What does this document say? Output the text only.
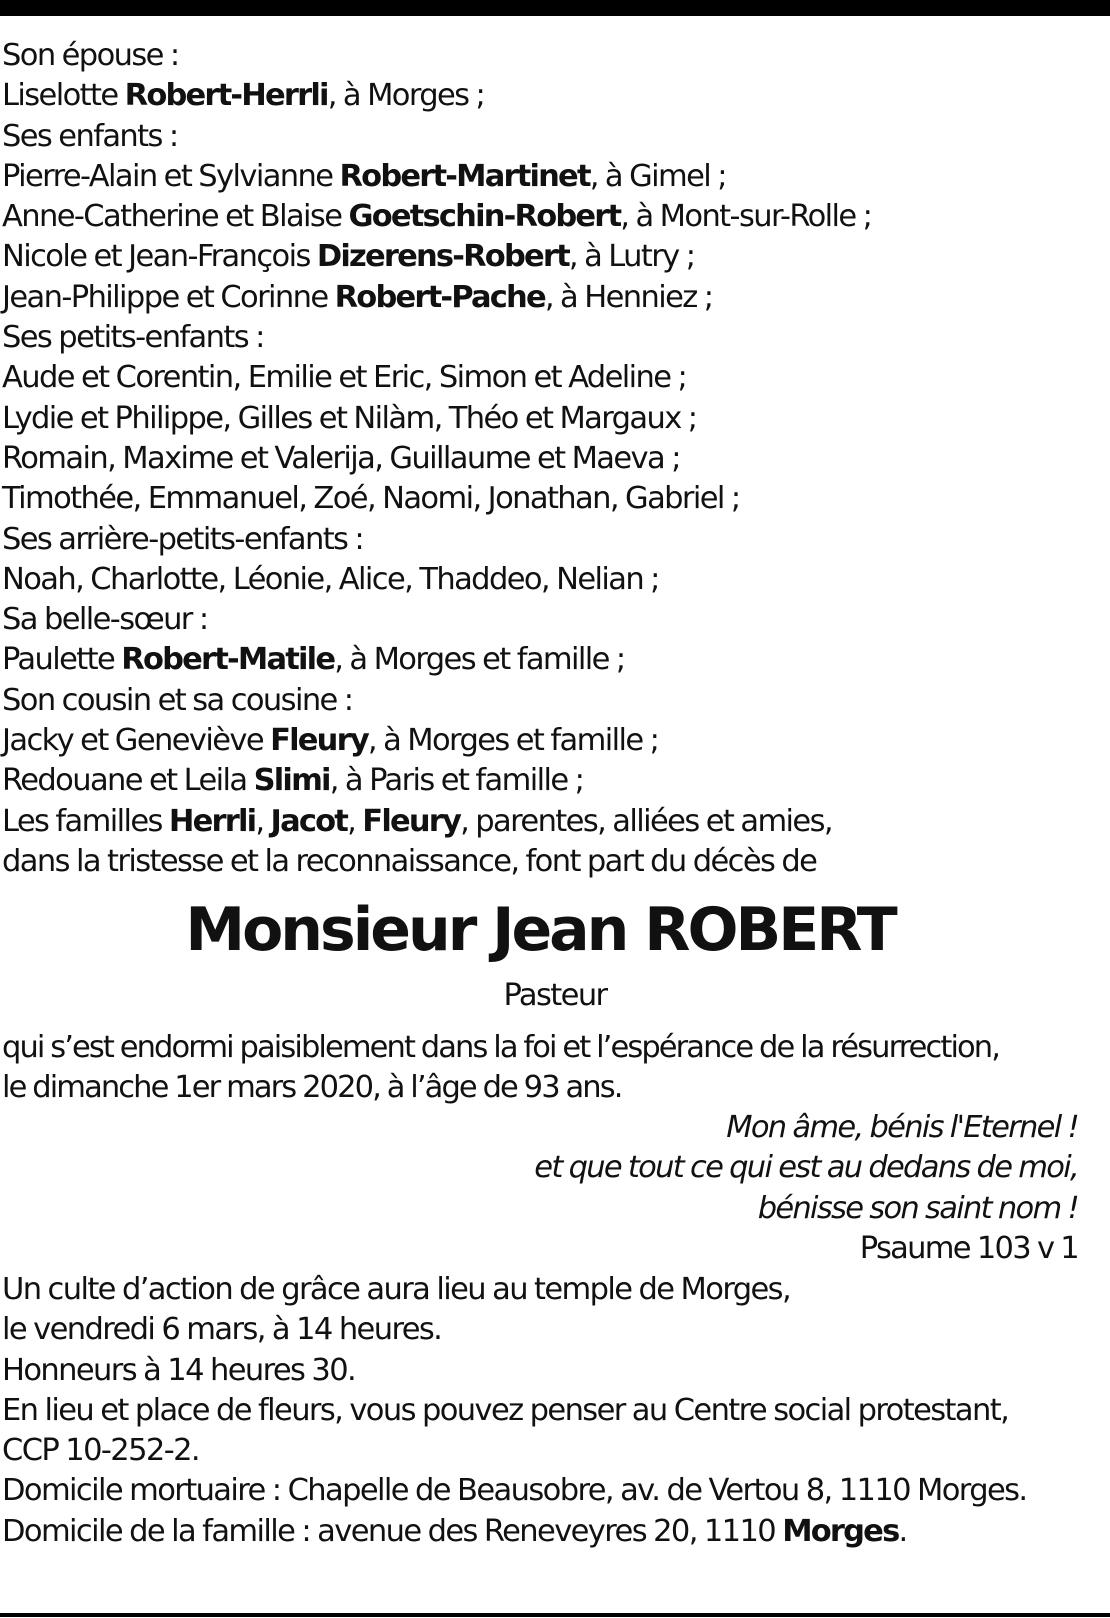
Son épouse :
Liselotte Robert-Herrli, à Morges ;
Ses enfants :
Pierre-Alain et Sylvianne Robert-Martinet, à Gimel ;
Anne-Catherine et Blaise Goetschin-Robert, à Mont-sur-Rolle ;
Nicole et Jean-François Dizerens-Robert, à Lutry ;
Jean-Philippe et Corinne Robert-Pache, à Henniez ;
Ses petits-enfants :
Aude et Corentin, Emilie et Eric, Simon et Adeline ;
Lydie et Philippe, Gilles et Nilàm, Théo et Margaux ;
Romain, Maxime et Valerija, Guillaume et Maeva ;
Timothée, Emmanuel, Zoé, Naomi, Jonathan, Gabriel ;
Ses arrière-petits-enfants :
Noah, Charlotte, Léonie, Alice, Thaddeo, Nelian ;
Sa belle-sœur :
Paulette Robert-Matile, à Morges et famille ;
Son cousin et sa cousine :
Jacky et Geneviève Fleury, à Morges et famille ;
Redouane et Leila Slimi, à Paris et famille ;
Les familles Herrli, Jacot, Fleury, parentes, alliées et amies,
dans la tristesse et la reconnaissance, font part du décès de
Monsieur Jean ROBERT
Pasteur
qui s’est endormi paisiblement dans la foi et l’espérance de la résurrection,
le dimanche 1er mars 2020, à l’âge de 93 ans.
Mon âme, bénis l'Eternel !
et que tout ce qui est au dedans de moi,
bénisse son saint nom !
Psaume 103 v 1
Un culte d’action de grâce aura lieu au temple de Morges,
le vendredi 6 mars, à 14 heures.
Honneurs à 14 heures 30.
En lieu et place de fleurs, vous pouvez penser au Centre social protestant,
CCP 10-252-2.
Domicile mortuaire : Chapelle de Beausobre, av. de Vertou 8, 1110 Morges.
Domicile de la famille : avenue des Reneveyres 20, 1110 Morges.
